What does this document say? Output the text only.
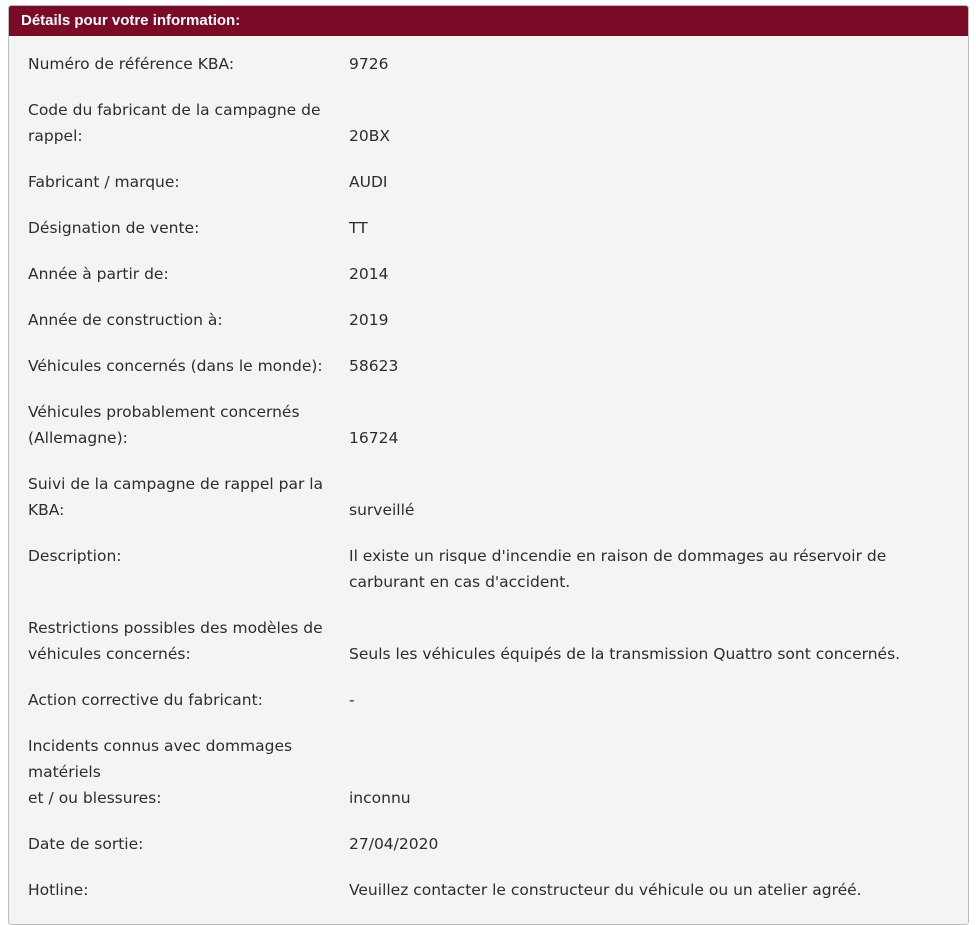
Détails pour votre information:
Numéro de référence KBA:	9726
Code du fabricant de la campagne de rappel:	20BX
Fabricant / marque:	AUDI
Désignation de vente:	TT
Année à partir de:	2014
Année de construction à:	2019
Véhicules concernés (dans le monde):	58623
Véhicules probablement concernés (Allemagne):	16724
Suivi de la campagne de rappel par la KBA:	surveillé
Description:	Il existe un risque d'incendie en raison de dommages au réservoir de carburant en cas d'accident.
Restrictions possibles des modèles de véhicules concernés:	Seuls les véhicules équipés de la transmission Quattro sont concernés.
Action corrective du fabricant:	-
Incidents connus avec dommages matériels
et / ou blessures:	inconnu
Date de sortie:	27/04/2020
Hotline:	Veuillez contacter le constructeur du véhicule ou un atelier agréé.
